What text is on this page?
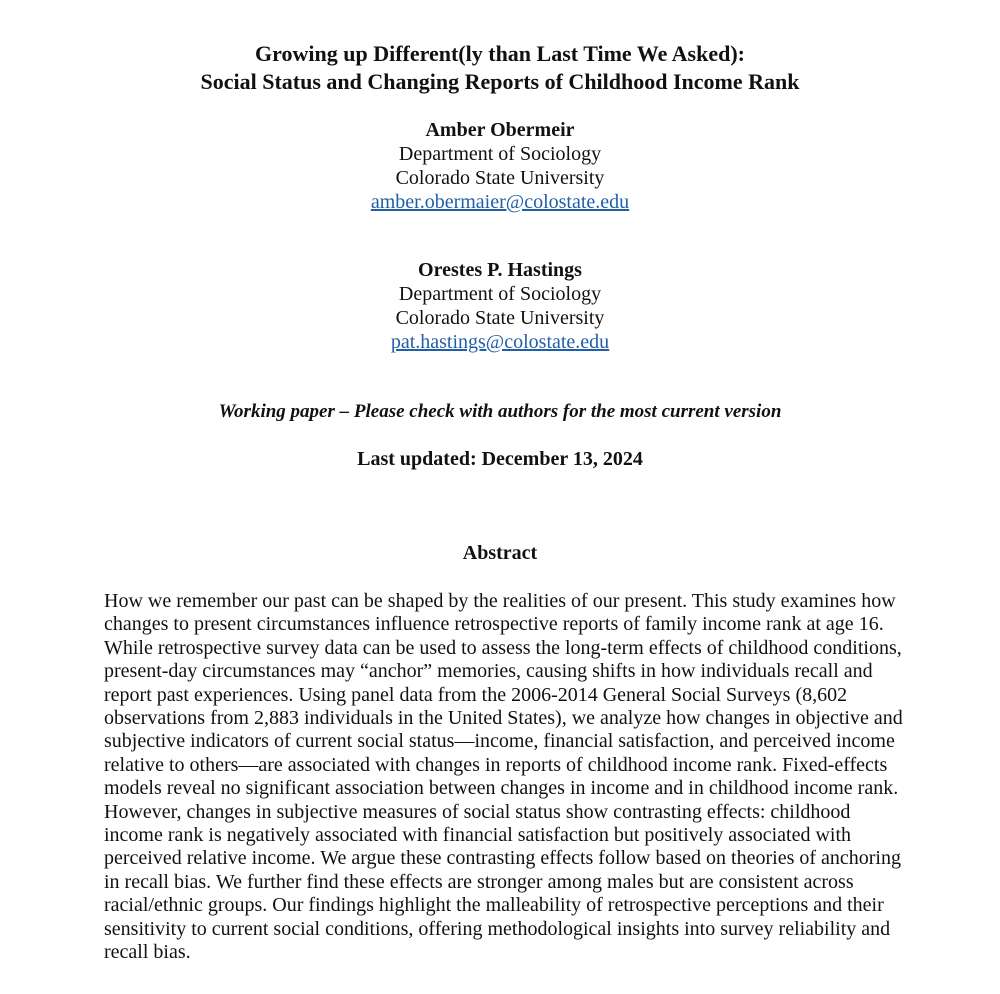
Growing up Different(ly than Last Time We Asked):
Social Status and Changing Reports of Childhood Income Rank
Amber Obermeir
Department of Sociology
Colorado State University
amber.obermaier@colostate.edu
Orestes P. Hastings
Department of Sociology
Colorado State University
pat.hastings@colostate.edu
Working paper – Please check with authors for the most current version
Last updated: December 13, 2024
Abstract
How we remember our past can be shaped by the realities of our present. This study examines how changes to present circumstances influence retrospective reports of family income rank at age 16. While retrospective survey data can be used to assess the long-term effects of childhood conditions, present-day circumstances may “anchor” memories, causing shifts in how individuals recall and report past experiences. Using panel data from the 2006-2014 General Social Surveys (8,602 observations from 2,883 individuals in the United States), we analyze how changes in objective and subjective indicators of current social status—income, financial satisfaction, and perceived income relative to others—are associated with changes in reports of childhood income rank. Fixed-effects models reveal no significant association between changes in income and in childhood income rank. However, changes in subjective measures of social status show contrasting effects: childhood income rank is negatively associated with financial satisfaction but positively associated with perceived relative income. We argue these contrasting effects follow based on theories of anchoring in recall bias. We further find these effects are stronger among males but are consistent across racial/ethnic groups. Our findings highlight the malleability of retrospective perceptions and their sensitivity to current social conditions, offering methodological insights into survey reliability and recall bias.
